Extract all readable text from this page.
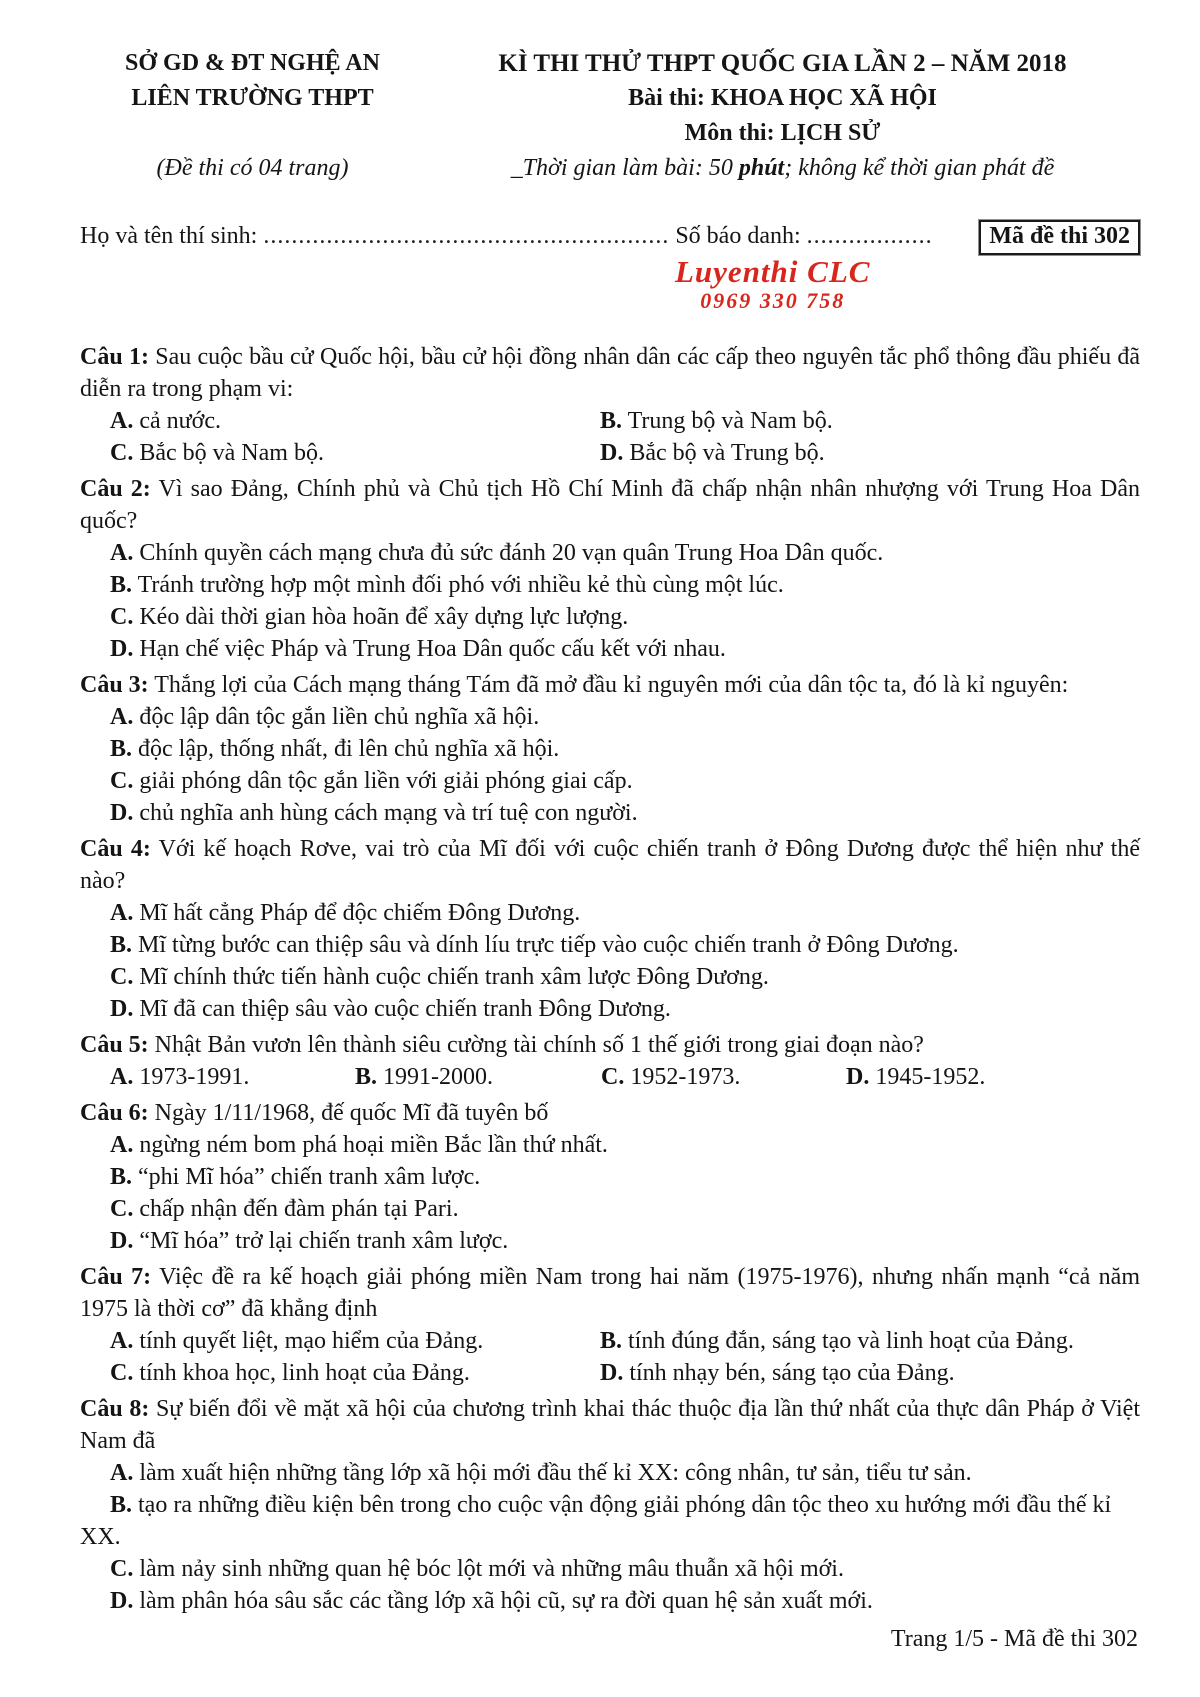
SỞ GD & ĐT NGHỆ AN
LIÊN TRƯỜNG THPT
(Đề thi có 04 trang)
KÌ THI THỬ THPT QUỐC GIA LẦN 2 – NĂM 2018
Bài thi: KHOA HỌC XÃ HỘI
Môn thi: LỊCH SỬ
_Thời gian làm bài: 50 phút; không kể thời gian phát đề
Họ và tên thí sinh: .......................................................... Số báo danh: ..................	Mã đề thi 302
Luyenthi CLC
0969 330 758
Câu 1: Sau cuộc bầu cử Quốc hội, bầu cử hội đồng nhân dân các cấp theo nguyên tắc phổ thông đầu phiếu đã diễn ra trong phạm vi:
A. cả nước.	B. Trung bộ và Nam bộ.
C. Bắc bộ và Nam bộ.	D. Bắc bộ và Trung bộ.
Câu 2: Vì sao Đảng, Chính phủ và Chủ tịch Hồ Chí Minh đã chấp nhận nhân nhượng với Trung Hoa Dân quốc?
A. Chính quyền cách mạng chưa đủ sức đánh 20 vạn quân Trung Hoa Dân quốc.
B. Tránh trường hợp một mình đối phó với nhiều kẻ thù cùng một lúc.
C. Kéo dài thời gian hòa hoãn để xây dựng lực lượng.
D. Hạn chế việc Pháp và Trung Hoa Dân quốc cấu kết với nhau.
Câu 3: Thắng lợi của Cách mạng tháng Tám đã mở đầu kỉ nguyên mới của dân tộc ta, đó là kỉ nguyên:
A. độc lập dân tộc gắn liền chủ nghĩa xã hội.
B. độc lập, thống nhất, đi lên chủ nghĩa xã hội.
C. giải phóng dân tộc gắn liền với giải phóng giai cấp.
D. chủ nghĩa anh hùng cách mạng và trí tuệ con người.
Câu 4: Với kế hoạch Rơve, vai trò của Mĩ đối với cuộc chiến tranh ở Đông Dương được thể hiện như thế nào?
A. Mĩ hất cẳng Pháp để độc chiếm Đông Dương.
B. Mĩ từng bước can thiệp sâu và dính líu trực tiếp vào cuộc chiến tranh ở Đông Dương.
C. Mĩ chính thức tiến hành cuộc chiến tranh xâm lược Đông Dương.
D. Mĩ đã can thiệp sâu vào cuộc chiến tranh Đông Dương.
Câu 5: Nhật Bản vươn lên thành siêu cường tài chính số 1 thế giới trong giai đoạn nào?
A. 1973-1991.	B. 1991-2000.	C. 1952-1973.	D. 1945-1952.
Câu 6: Ngày 1/11/1968, đế quốc Mĩ đã tuyên bố
A. ngừng ném bom phá hoại miền Bắc lần thứ nhất.
B. “phi Mĩ hóa” chiến tranh xâm lược.
C. chấp nhận đến đàm phán tại Pari.
D. “Mĩ hóa” trở lại chiến tranh xâm lược.
Câu 7: Việc đề ra kế hoạch giải phóng miền Nam trong hai năm (1975-1976), nhưng nhấn mạnh “cả năm 1975 là thời cơ” đã khẳng định
A. tính quyết liệt, mạo hiểm của Đảng.	B. tính đúng đắn, sáng tạo và linh hoạt của Đảng.
C. tính khoa học, linh hoạt của Đảng.	D. tính nhạy bén, sáng tạo của Đảng.
Câu 8: Sự biến đổi về mặt xã hội của chương trình khai thác thuộc địa lần thứ nhất của thực dân Pháp ở Việt Nam đã
A. làm xuất hiện những tầng lớp xã hội mới đầu thế kỉ XX: công nhân, tư sản, tiểu tư sản.
B. tạo ra những điều kiện bên trong cho cuộc vận động giải phóng dân tộc theo xu hướng mới đầu thế kỉ XX.
C. làm nảy sinh những quan hệ bóc lột mới và những mâu thuẫn xã hội mới.
D. làm phân hóa sâu sắc các tầng lớp xã hội cũ, sự ra đời quan hệ sản xuất mới.
Trang 1/5 - Mã đề thi 302
